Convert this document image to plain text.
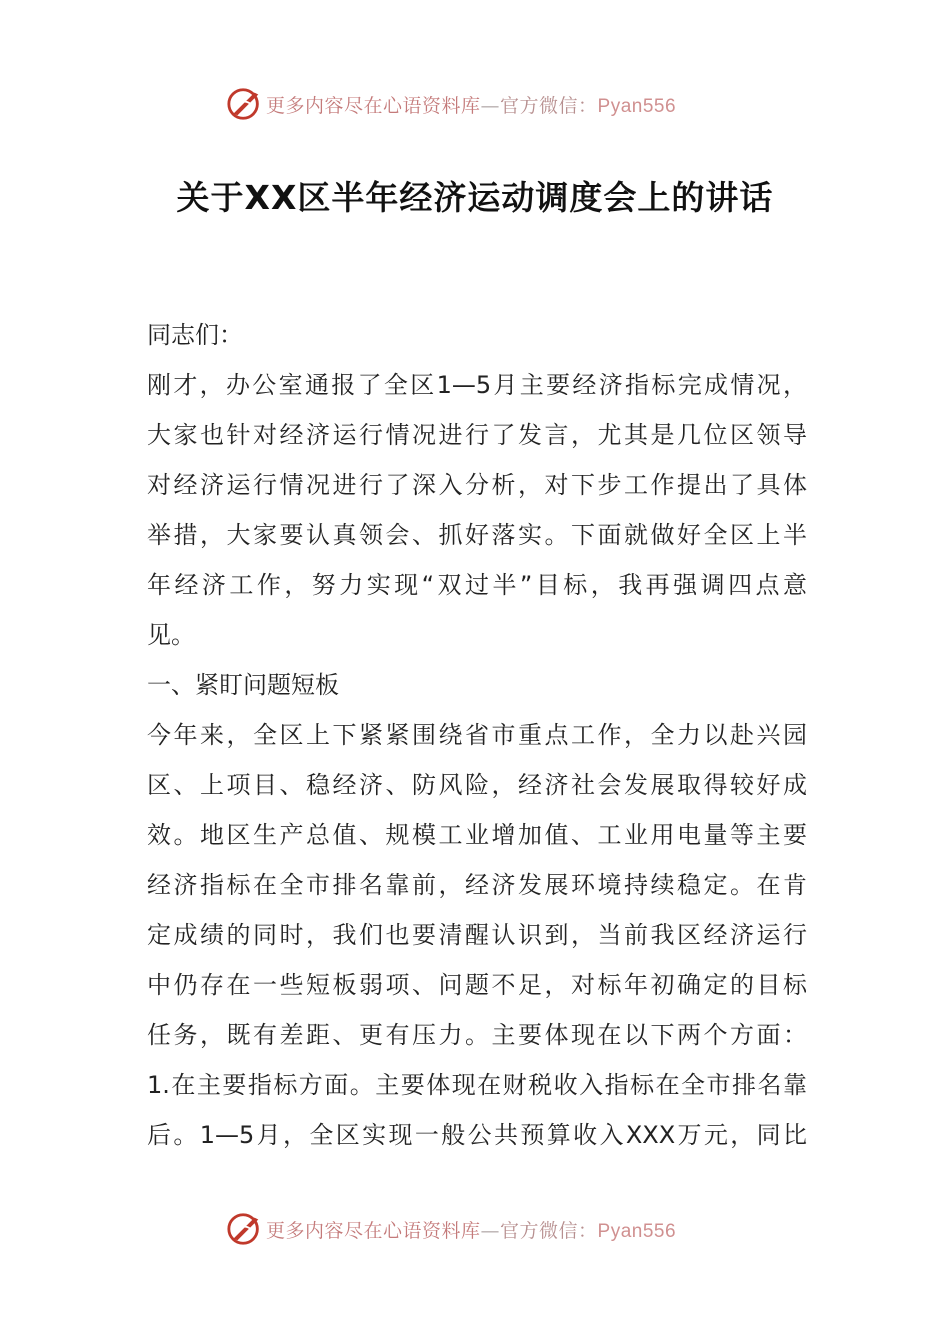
更多内容尽在心语资料库—官方微信：Pyan556
关于XX区半年经济运动调度会上的讲话
同志们：
刚才，办公室通报了全区1—5月主要经济指标完成情况，
大家也针对经济运行情况进行了发言，尤其是几位区领导
对经济运行情况进行了深入分析，对下步工作提出了具体
举措，大家要认真领会、抓好落实。下面就做好全区上半
年经济工作，努力实现“双过半”目标，我再强调四点意
见。
一、紧盯问题短板
今年来，全区上下紧紧围绕省市重点工作，全力以赴兴园
区、上项目、稳经济、防风险，经济社会发展取得较好成
效。地区生产总值、规模工业增加值、工业用电量等主要
经济指标在全市排名靠前，经济发展环境持续稳定。在肯
定成绩的同时，我们也要清醒认识到，当前我区经济运行
中仍存在一些短板弱项、问题不足，对标年初确定的目标
任务，既有差距、更有压力。主要体现在以下两个方面：
1.在主要指标方面。主要体现在财税收入指标在全市排名靠
后。1—5月，全区实现一般公共预算收入XXX万元，同比
更多内容尽在心语资料库—官方微信：Pyan556
